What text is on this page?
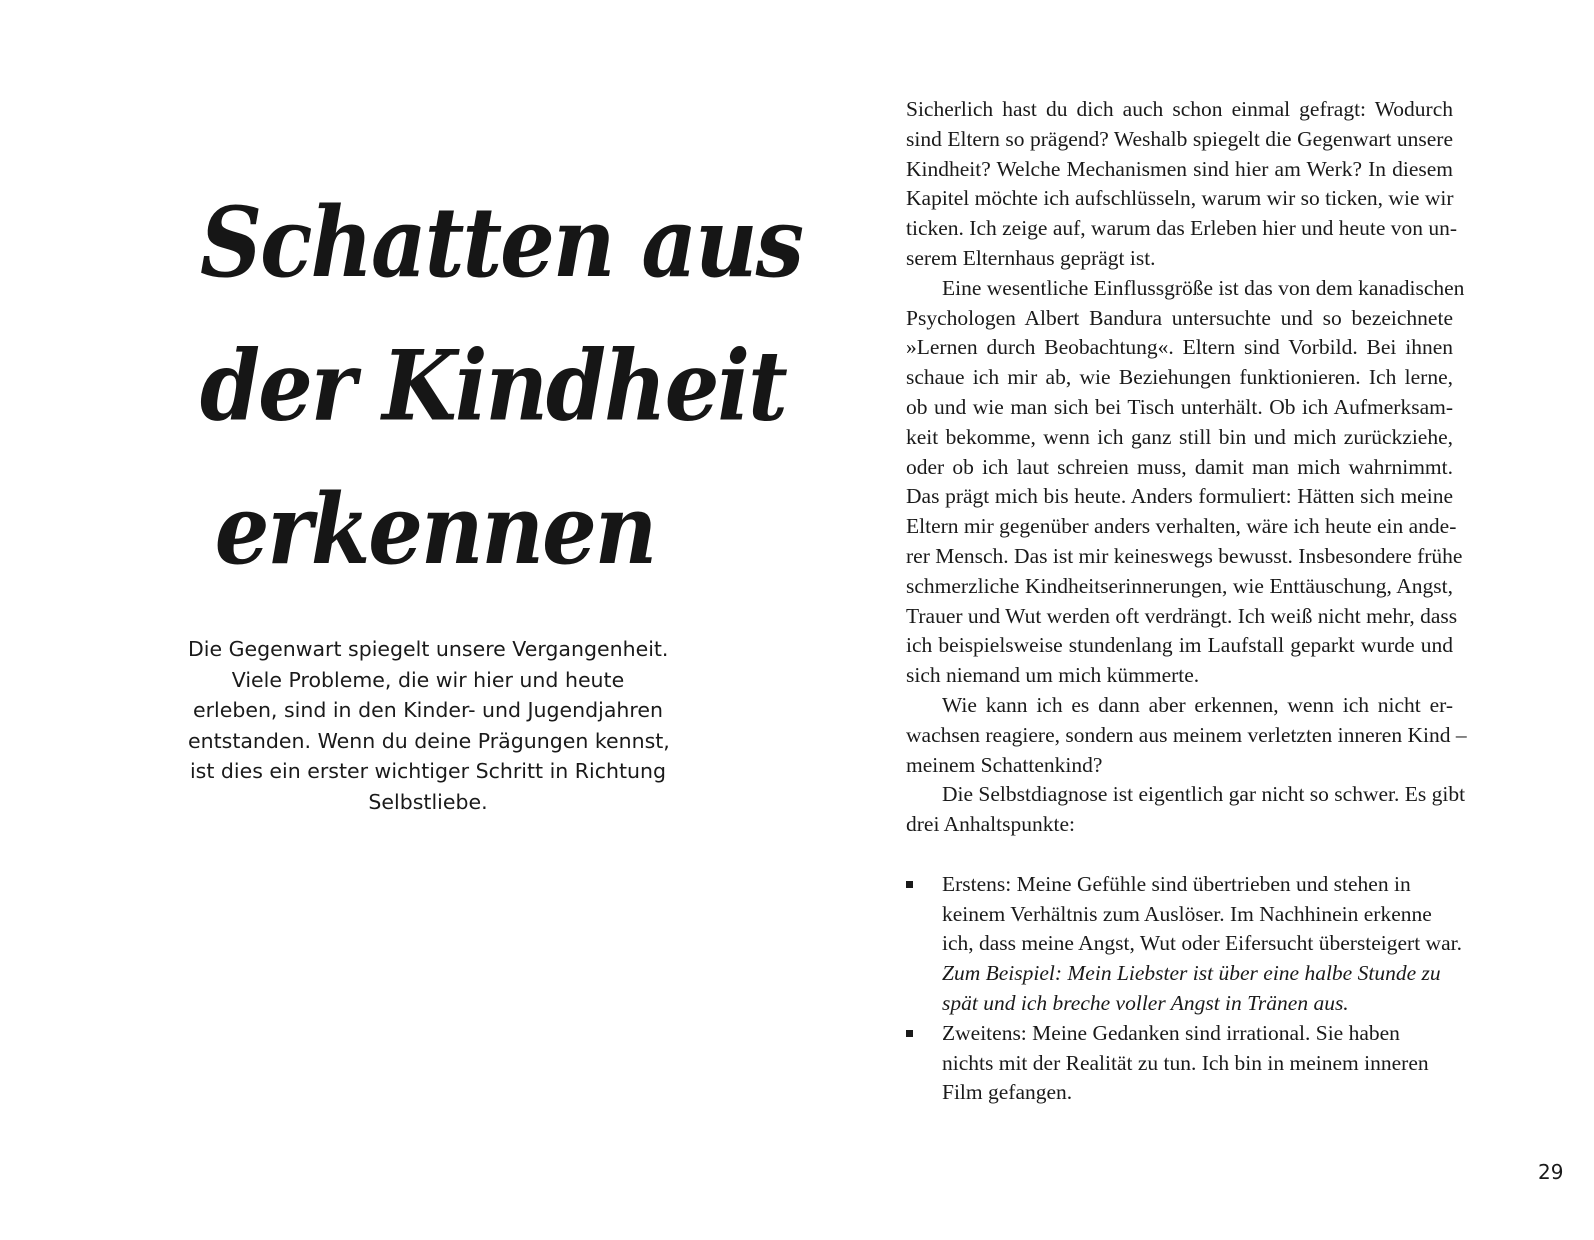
Schatten aus
der Kindheit
erkennen
Die Gegenwart spiegelt unsere Vergangenheit.
Viele Probleme, die wir hier und heute
erleben, sind in den Kinder- und Jugendjahren
entstanden. Wenn du deine Prägungen kennst,
ist dies ein erster wichtiger Schritt in Richtung
Selbstliebe.
Sicherlich hast du dich auch schon einmal gefragt: Wodurch
sind Eltern so prägend? Weshalb spiegelt die Gegenwart unsere
Kindheit? Welche Mechanismen sind hier am Werk? In diesem
Kapitel möchte ich aufschlüsseln, warum wir so ticken, wie wir
ticken. Ich zeige auf, warum das Erleben hier und heute von un-
serem Elternhaus geprägt ist.
Eine wesentliche Einflussgröße ist das von dem kanadischen
Psychologen Albert Bandura untersuchte und so bezeichnete
»Lernen durch Beobachtung«. Eltern sind Vorbild. Bei ihnen
schaue ich mir ab, wie Beziehungen funktionieren. Ich lerne,
ob und wie man sich bei Tisch unterhält. Ob ich Aufmerksam-
keit bekomme, wenn ich ganz still bin und mich zurückziehe,
oder ob ich laut schreien muss, damit man mich wahrnimmt.
Das prägt mich bis heute. Anders formuliert: Hätten sich meine
Eltern mir gegenüber anders verhalten, wäre ich heute ein ande-
rer Mensch. Das ist mir keineswegs bewusst. Insbesondere frühe
schmerzliche Kindheitserinnerungen, wie Enttäuschung, Angst,
Trauer und Wut werden oft verdrängt. Ich weiß nicht mehr, dass
ich beispielsweise stundenlang im Laufstall geparkt wurde und
sich niemand um mich kümmerte.
Wie kann ich es dann aber erkennen, wenn ich nicht er-
wachsen reagiere, sondern aus meinem verletzten inneren Kind –
meinem Schattenkind?
Die Selbstdiagnose ist eigentlich gar nicht so schwer. Es gibt
drei Anhaltspunkte:
Erstens: Meine Gefühle sind übertrieben und stehen in
keinem Verhältnis zum Auslöser. Im Nachhinein erkenne
ich, dass meine Angst, Wut oder Eifersucht übersteigert war.
Zum Beispiel: Mein Liebster ist über eine halbe Stunde zu
spät und ich breche voller Angst in Tränen aus.
Zweitens: Meine Gedanken sind irrational. Sie haben
nichts mit der Realität zu tun. Ich bin in meinem inneren
Film gefangen.
29
